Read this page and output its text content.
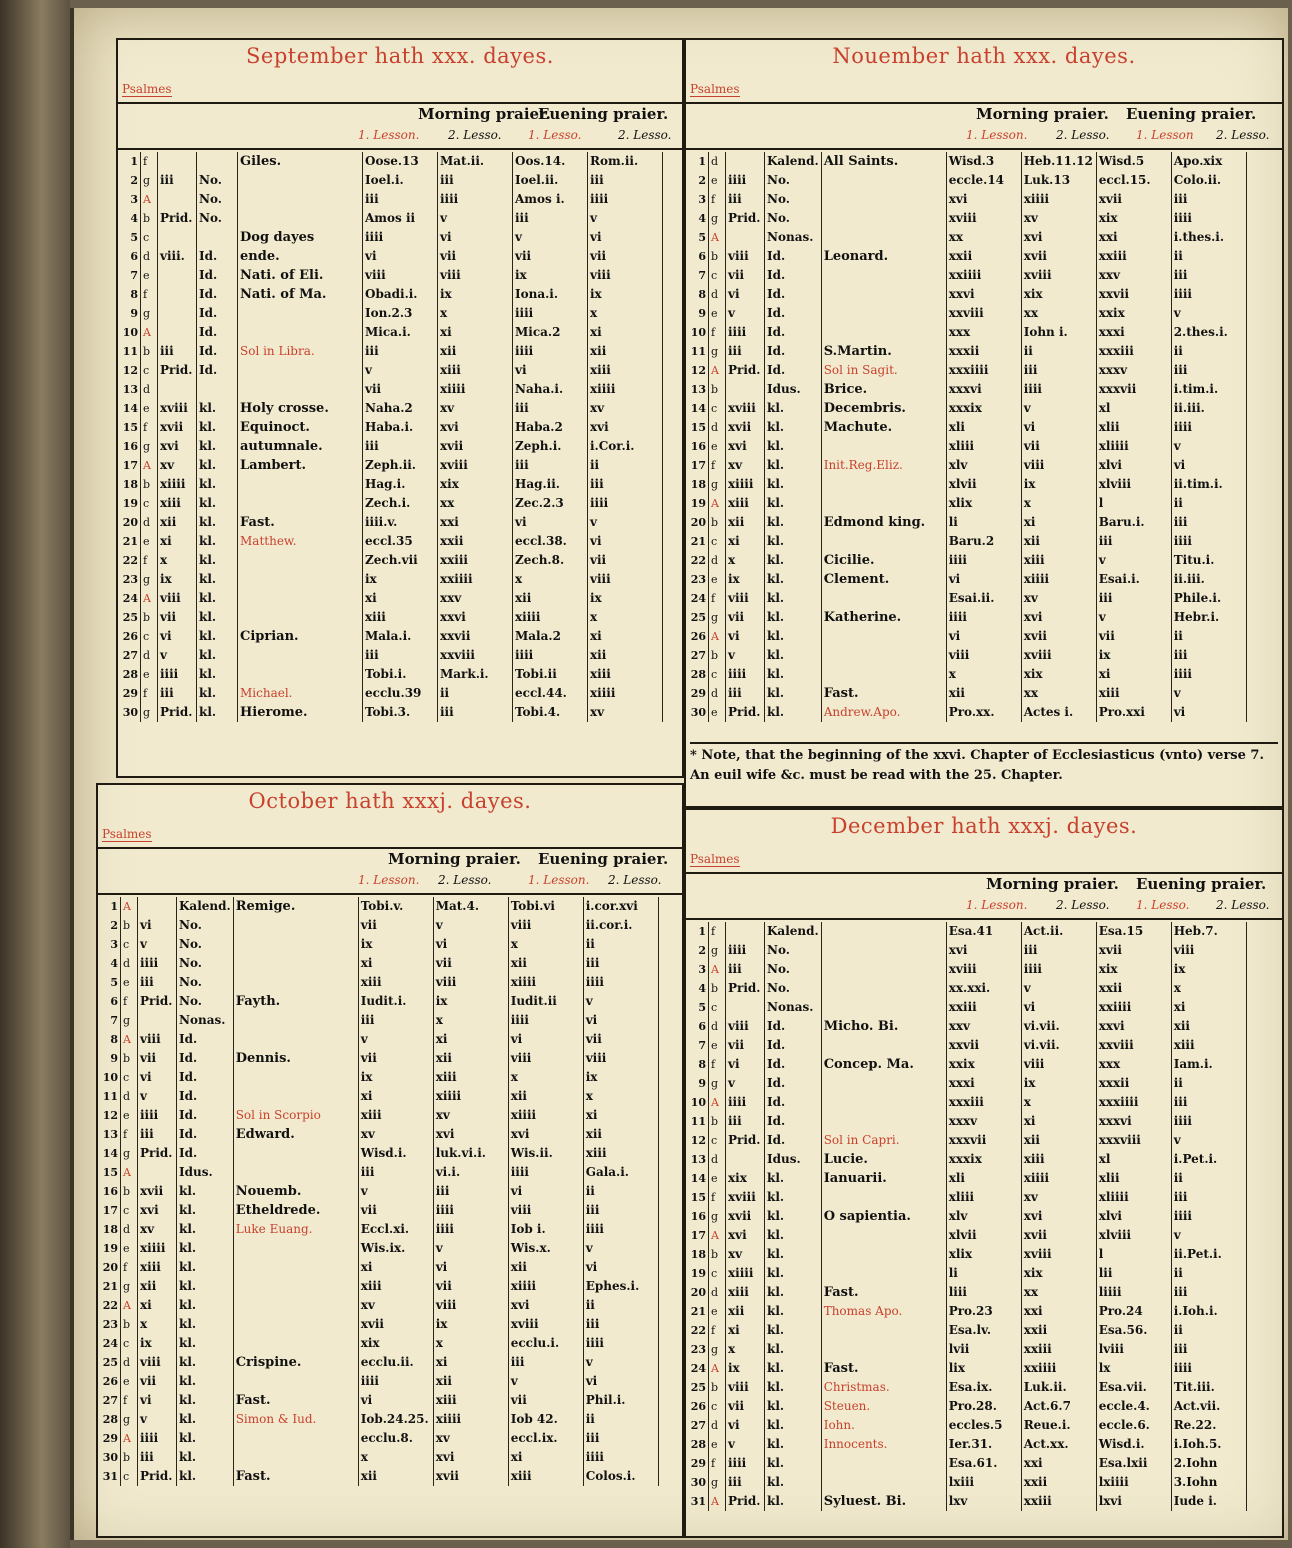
September hath xxx. dayes.
Psalmes
Morning praier.
Euening praier.
1. Lesson. 2. Lesso. 1. Lesso.	2. Lesso.
1	f			Giles.	Oose.13	Mat.ii.	Oos.14.	Rom.ii.
2	g	iii	No.		Ioel.i.	iii	Ioel.ii.	iii
3	A		No.		iii	iiii	Amos i.	iiii
4	b	Prid.	No.		Amos ii	v	iii	v
5	c			Dog dayes	iiii	vi	v	vi
6	d	viii.	Id.	ende.	vi	vii	vii	vii
7	e		Id.	Nati. of Eli.	viii	viii	ix	viii
8	f		Id.	Nati. of Ma.	Obadi.i.	ix	Iona.i.	ix
9	g		Id.		Ion.2.3	x	iiii	x
10	A		Id.		Mica.i.	xi	Mica.2	xi
11	b	iii	Id.	Sol in Libra.	iii	xii	iiii	xii
12	c	Prid.	Id.		v	xiii	vi	xiii
13	d				vii	xiiii	Naha.i.	xiiii
14	e	xviii	kl.	Holy crosse.	Naha.2	xv	iii	xv
15	f	xvii	kl.	Equinoct.	Haba.i.	xvi	Haba.2	xvi
16	g	xvi	kl.	autumnale.	iii	xvii	Zeph.i.	i.Cor.i.
17	A	xv	kl.	Lambert.	Zeph.ii.	xviii	iii	ii
18	b	xiiii	kl.		Hag.i.	xix	Hag.ii.	iii
19	c	xiii	kl.		Zech.i.	xx	Zec.2.3	iiii
20	d	xii	kl.	Fast.	iiii.v.	xxi	vi	v
21	e	xi	kl.	Matthew.	eccl.35	xxii	eccl.38.	vi
22	f	x	kl.		Zech.vii	xxiii	Zech.8.	vii
23	g	ix	kl.		ix	xxiiii	x	viii
24	A	viii	kl.		xi	xxv	xii	ix
25	b	vii	kl.		xiii	xxvi	xiiii	x
26	c	vi	kl.	Ciprian.	Mala.i.	xxvii	Mala.2	xi
27	d	v	kl.		iii	xxviii	iiii	xii
28	e	iiii	kl.		Tobi.i.	Mark.i.	Tobi.ii	xiii
29	f	iii	kl.	Michael.	ecclu.39	ii	eccl.44.	xiiii
30	g	Prid.	kl.	Hierome.	Tobi.3.	iii	Tobi.4.	xv
Nouember hath xxx. dayes.
Psalmes
Morning praier. Euening praier.
1. Lesson. 2. Lesso. 1. Lesson 2. Lesso.
1	d		Kalend.	All Saints.	Wisd.3	Heb.11.12	Wisd.5	Apo.xix
2	e	iiii	No.		eccle.14	Luk.13	eccl.15.	Colo.ii.
3	f	iii	No.		xvi	xiiii	xvii	iii
4	g	Prid.	No.		xviii	xv	xix	iiii
5	A		Nonas.		xx	xvi	xxi	i.thes.i.
6	b	viii	Id.	Leonard.	xxii	xvii	xxiii	ii
7	c	vii	Id.		xxiiii	xviii	xxv	iii
8	d	vi	Id.		xxvi	xix	xxvii	iiii
9	e	v	Id.		xxviii	xx	xxix	v
10	f	iiii	Id.		xxx	Iohn i.	xxxi	2.thes.i.
11	g	iii	Id.	S.Martin.	xxxii	ii	xxxiii	ii
12	A	Prid.	Id.	Sol in Sagit.	xxxiiii	iii	xxxv	iii
13	b		Idus.	Brice.	xxxvi	iiii	xxxvii	i.tim.i.
14	c	xviii	kl.	Decembris.	xxxix	v	xl	ii.iii.
15	d	xvii	kl.	Machute.	xli	vi	xlii	iiii
16	e	xvi	kl.		xliii	vii	xliiii	v
17	f	xv	kl.	Init.Reg.Eliz.	xlv	viii	xlvi	vi
18	g	xiiii	kl.		xlvii	ix	xlviii	ii.tim.i.
19	A	xiii	kl.		xlix	x	l	ii
20	b	xii	kl.	Edmond king.	li	xi	Baru.i.	iii
21	c	xi	kl.		Baru.2	xii	iii	iiii
22	d	x	kl.	Cicilie.	iiii	xiii	v	Titu.i.
23	e	ix	kl.	Clement.	vi	xiiii	Esai.i.	ii.iii.
24	f	viii	kl.		Esai.ii.	xv	iii	Phile.i.
25	g	vii	kl.	Katherine.	iiii	xvi	v	Hebr.i.
26	A	vi	kl.		vi	xvii	vii	ii
27	b	v	kl.		viii	xviii	ix	iii
28	c	iiii	kl.		x	xix	xi	iiii
29	d	iii	kl.	Fast.	xii	xx	xiii	v
30	e	Prid.	kl.	Andrew.Apo.	Pro.xx.	Actes i.	Pro.xxi	vi
* Note, that the beginning of the xxvi. Chapter of Ecclesiasticus (vnto) verse 7. An euil wife &c. must be read with the 25. Chapter.
October hath xxxj. dayes.
Psalmes
Morning praier. Euening praier.
1. Lesson. 2. Lesso.	1. Lesson. 2. Lesso.
1	A		Kalend.	Remige.	Tobi.v.	Mat.4.	Tobi.vi	i.cor.xvi
2	b	vi	No.		vii	v	viii	ii.cor.i.
3	c	v	No.		ix	vi	x	ii
4	d	iiii	No.		xi	vii	xii	iii
5	e	iii	No.		xiii	viii	xiiii	iiii
6	f	Prid.	No.	Fayth.	Iudit.i.	ix	Iudit.ii	v
7	g		Nonas.		iii	x	iiii	vi
8	A	viii	Id.		v	xi	vi	vii
9	b	vii	Id.	Dennis.	vii	xii	viii	viii
10	c	vi	Id.		ix	xiii	x	ix
11	d	v	Id.		xi	xiiii	xii	x
12	e	iiii	Id.	Sol in Scorpio	xiii	xv	xiiii	xi
13	f	iii	Id.	Edward.	xv	xvi	xvi	xii
14	g	Prid.	Id.		Wisd.i.	luk.vi.i.	Wis.ii.	xiii
15	A		Idus.		iii	vi.i.	iiii	Gala.i.
16	b	xvii	kl.	Nouemb.	v	iii	vi	ii
17	c	xvi	kl.	Etheldrede.	vii	iiii	viii	iii
18	d	xv	kl.	Luke Euang.	Eccl.xi.	iiii	Iob i.	iiii
19	e	xiiii	kl.		Wis.ix.	v	Wis.x.	v
20	f	xiii	kl.		xi	vi	xii	vi
21	g	xii	kl.		xiii	vii	xiiii	Ephes.i.
22	A	xi	kl.		xv	viii	xvi	ii
23	b	x	kl.		xvii	ix	xviii	iii
24	c	ix	kl.		xix	x	ecclu.i.	iiii
25	d	viii	kl.	Crispine.	ecclu.ii.	xi	iii	v
26	e	vii	kl.		iiii	xii	v	vi
27	f	vi	kl.	Fast.	vi	xiii	vii	Phil.i.
28	g	v	kl.	Simon & Iud.	Iob.24.25.	xiiii	Iob 42.	ii
29	A	iiii	kl.		ecclu.8.	xv	eccl.ix.	iii
30	b	iii	kl.		x	xvi	xi	iiii
31	c	Prid.	kl.	Fast.	xii	xvii	xiii	Colos.i.
December hath xxxj. dayes.
Psalmes
Morning praier. Euening praier.
1. Lesson. 2. Lesso. 1. Lesso. 2. Lesso.
1	f		Kalend.		Esa.41	Act.ii.	Esa.15	Heb.7.
2	g	iiii	No.		xvi	iii	xvii	viii
3	A	iii	No.		xviii	iiii	xix	ix
4	b	Prid.	No.		xx.xxi.	v	xxii	x
5	c		Nonas.		xxiii	vi	xxiiii	xi
6	d	viii	Id.	Micho. Bi.	xxv	vi.vii.	xxvi	xii
7	e	vii	Id.		xxvii	vi.vii.	xxviii	xiii
8	f	vi	Id.	Concep. Ma.	xxix	viii	xxx	Iam.i.
9	g	v	Id.		xxxi	ix	xxxii	ii
10	A	iiii	Id.		xxxiii	x	xxxiiii	iii
11	b	iii	Id.		xxxv	xi	xxxvi	iiii
12	c	Prid.	Id.	Sol in Capri.	xxxvii	xii	xxxviii	v
13	d		Idus.	Lucie.	xxxix	xiii	xl	i.Pet.i.
14	e	xix	kl.	Ianuarii.	xli	xiiii	xlii	ii
15	f	xviii	kl.		xliii	xv	xliiii	iii
16	g	xvii	kl.	O sapientia.	xlv	xvi	xlvi	iiii
17	A	xvi	kl.		xlvii	xvii	xlviii	v
18	b	xv	kl.		xlix	xviii	l	ii.Pet.i.
19	c	xiiii	kl.		li	xix	lii	ii
20	d	xiii	kl.	Fast.	liii	xx	liiii	iii
21	e	xii	kl.	Thomas Apo.	Pro.23	xxi	Pro.24	i.Ioh.i.
22	f	xi	kl.		Esa.lv.	xxii	Esa.56.	ii
23	g	x	kl.		lvii	xxiii	lviii	iii
24	A	ix	kl.	Fast.	lix	xxiiii	lx	iiii
25	b	viii	kl.	Christmas.	Esa.ix.	Luk.ii.	Esa.vii.	Tit.iii.
26	c	vii	kl.	Steuen.	Pro.28.	Act.6.7	eccle.4.	Act.vii.
27	d	vi	kl.	Iohn.	eccles.5	Reue.i.	eccle.6.	Re.22.
28	e	v	kl.	Innocents.	Ier.31.	Act.xx.	Wisd.i.	i.Ioh.5.
29	f	iiii	kl.		Esa.61.	xxi	Esa.lxii	2.Iohn
30	g	iii	kl.		lxiii	xxii	lxiiii	3.Iohn
31	A	Prid.	kl.	Syluest. Bi.	lxv	xxiii	lxvi	Iude i.
